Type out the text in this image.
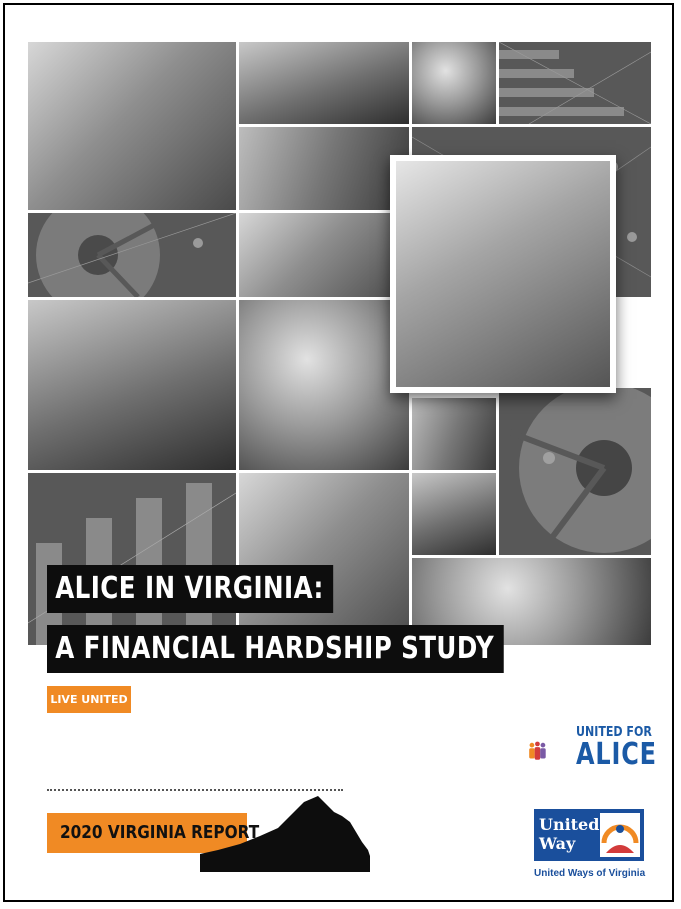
ALICE IN VIRGINIA:
A FINANCIAL HARDSHIP STUDY
LIVE UNITED
2020 VIRGINIA REPORT
UNITED FOR
ALICE
United
Way
United Ways of Virginia
